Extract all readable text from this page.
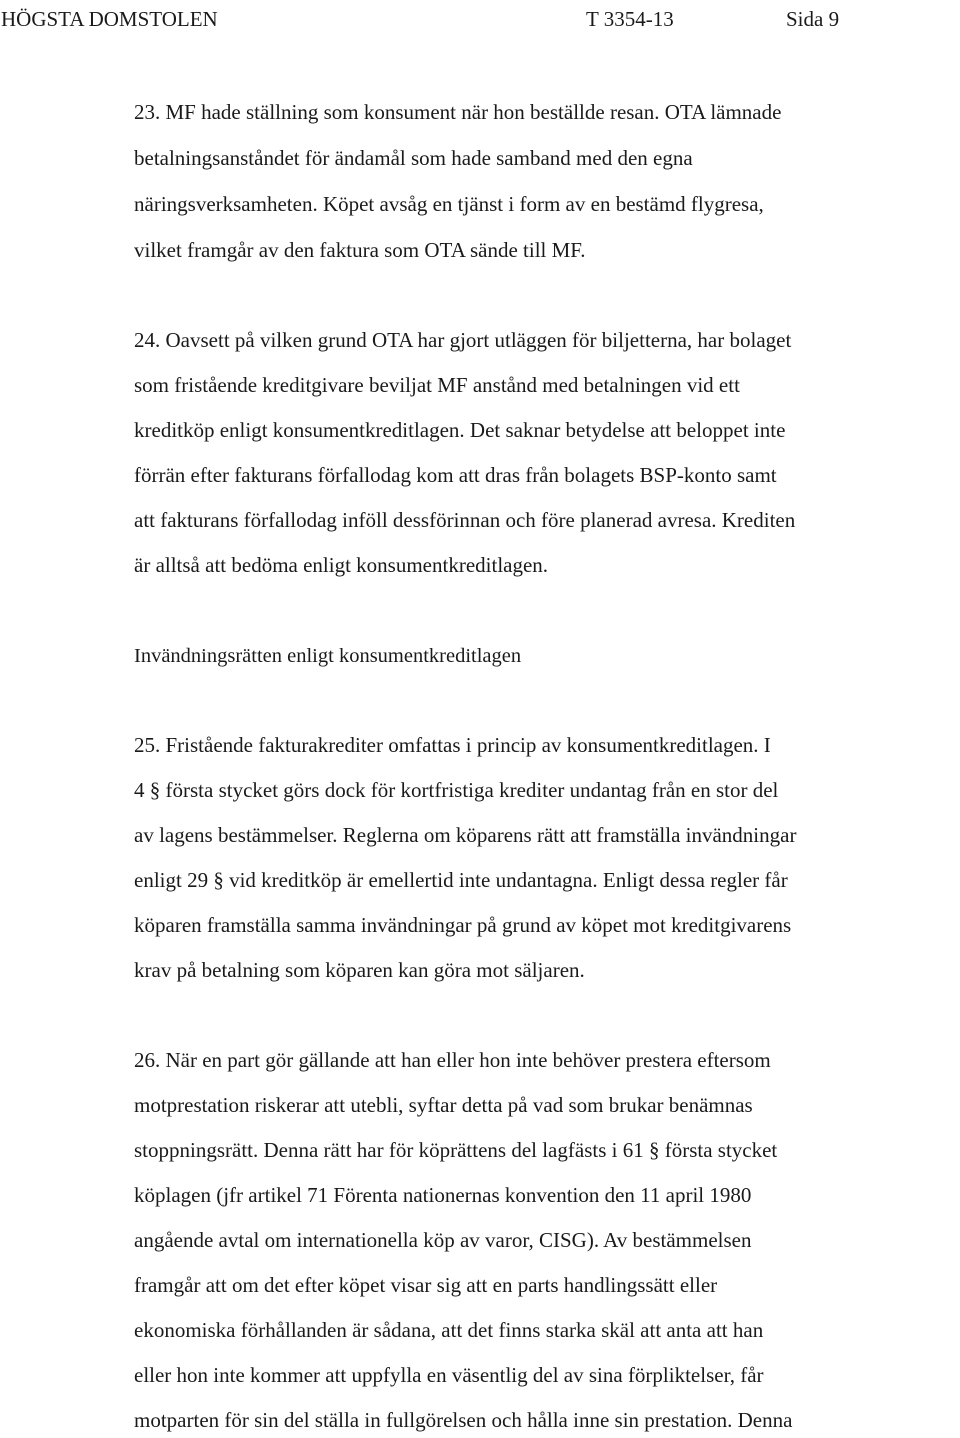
HÖGSTA DOMSTOLEN	T 3354-13	Sida 9
23. MF hade ställning som konsument när hon beställde resan. OTA lämnade
betalningsanståndet för ändamål som hade samband med den egna
näringsverksamheten. Köpet avsåg en tjänst i form av en bestämd flygresa,
vilket framgår av den faktura som OTA sände till MF.
24. Oavsett på vilken grund OTA har gjort utläggen för biljetterna, har bolaget
som fristående kreditgivare beviljat MF anstånd med betalningen vid ett
kreditköp enligt konsumentkreditlagen. Det saknar betydelse att beloppet inte
förrän efter fakturans förfallodag kom att dras från bolagets BSP-konto samt
att fakturans förfallodag inföll dessförinnan och före planerad avresa. Krediten
är alltså att bedöma enligt konsumentkreditlagen.
Invändningsrätten enligt konsumentkreditlagen
25. Fristående fakturakrediter omfattas i princip av konsumentkreditlagen. I
4 § första stycket görs dock för kortfristiga krediter undantag från en stor del
av lagens bestämmelser. Reglerna om köparens rätt att framställa invändningar
enligt 29 § vid kreditköp är emellertid inte undantagna. Enligt dessa regler får
köparen framställa samma invändningar på grund av köpet mot kreditgivarens
krav på betalning som köparen kan göra mot säljaren.
26. När en part gör gällande att han eller hon inte behöver prestera eftersom
motprestation riskerar att utebli, syftar detta på vad som brukar benämnas
stoppningsrätt. Denna rätt har för köprättens del lagfästs i 61 § första stycket
köplagen (jfr artikel 71 Förenta nationernas konvention den 11 april 1980
angående avtal om internationella köp av varor, CISG). Av bestämmelsen
framgår att om det efter köpet visar sig att en parts handlingssätt eller
ekonomiska förhållanden är sådana, att det finns starka skäl att anta att han
eller hon inte kommer att uppfylla en väsentlig del av sina förpliktelser, får
motparten för sin del ställa in fullgörelsen och hålla inne sin prestation. Denna
